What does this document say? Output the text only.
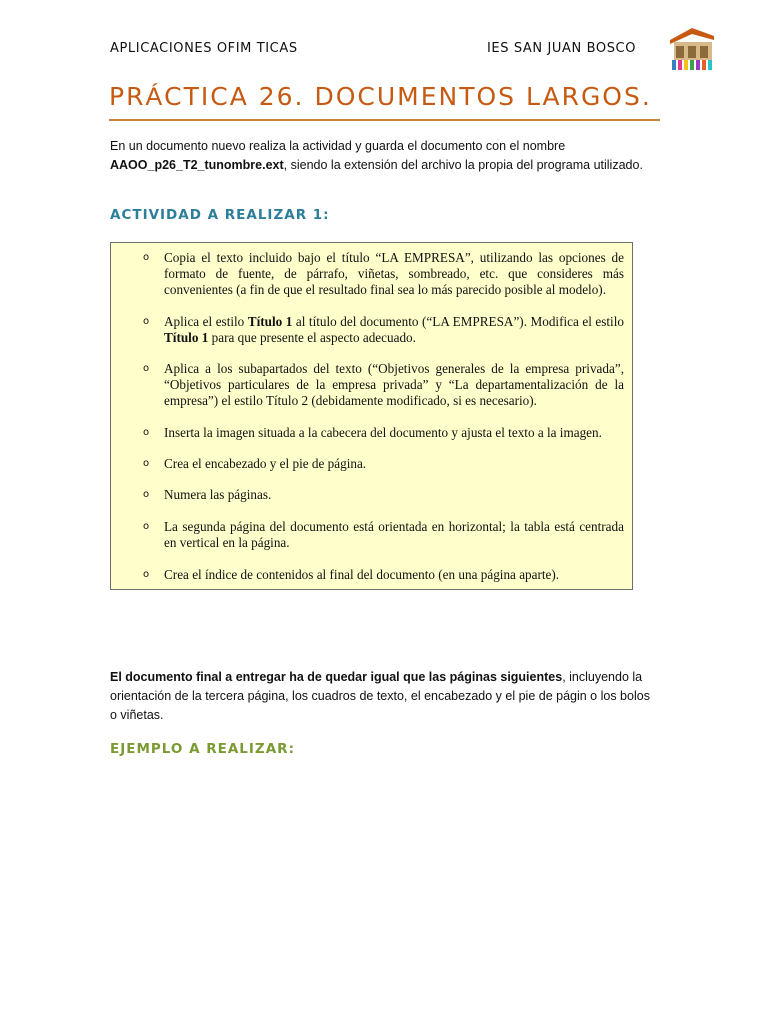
APLICACIONES OFIM TICAS	IES SAN JUAN BOSCO
PRÁCTICA 26. DOCUMENTOS LARGOS.

En un documento nuevo realiza la actividad y guarda el documento con el nombre
AAOO_p26_T2_tunombre.ext, siendo la extensión del archivo la propia del programa utilizado.

ACTIVIDAD A REALIZAR 1:
o Copia el texto incluido bajo el título “LA EMPRESA”, utilizando las opciones de formato de fuente, de párrafo, viñetas, sombreado, etc. que consideres más convenientes (a fin de que el resultado final sea lo más parecido posible al modelo).
o Aplica el estilo Título 1 al título del documento (“LA EMPRESA”). Modifica el estilo Título 1 para que presente el aspecto adecuado.
o Aplica a los subapartados del texto (“Objetivos generales de la empresa privada”, “Objetivos particulares de la empresa privada” y “La departamentalización de la empresa”) el estilo Título 2 (debidamente modificado, si es necesario).
o Inserta la imagen situada a la cabecera del documento y ajusta el texto a la imagen.
o Crea el encabezado y el pie de página.
o Numera las páginas.
o La segunda página del documento está orientada en horizontal; la tabla está centrada en vertical en la página.
o Crea el índice de contenidos al final del documento (en una página aparte).

El documento final a entregar ha de quedar igual que las páginas siguientes, incluyendo la orientación de la tercera página, los cuadros de texto, el encabezado y el pie de págin o los bolos o viñetas.

EJEMPLO A REALIZAR:
